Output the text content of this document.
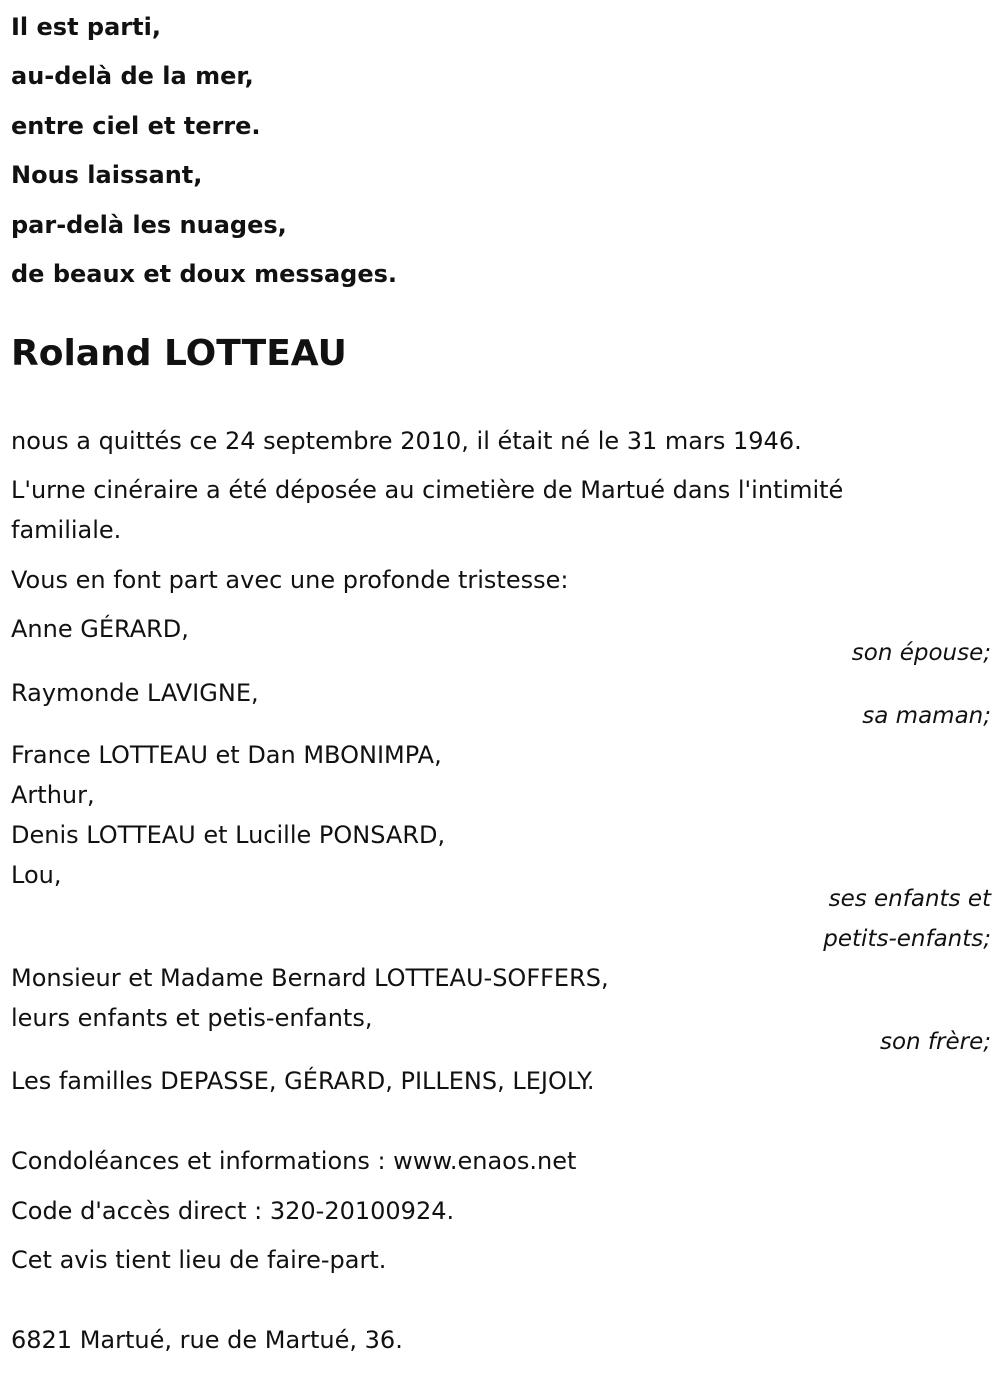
Il est parti,
au-delà de la mer,
entre ciel et terre.
Nous laissant,
par-delà les nuages,
de beaux et doux messages.
Roland LOTTEAU
nous a quittés ce 24 septembre 2010, il était né le 31 mars 1946.
L'urne cinéraire a été déposée au cimetière de Martué dans l'intimité
familiale.
Vous en font part avec une profonde tristesse:
Anne GÉRARD,
son épouse;
Raymonde LAVIGNE,
sa maman;
France LOTTEAU et Dan MBONIMPA,
Arthur,
Denis LOTTEAU et Lucille PONSARD,
Lou,
ses enfants et
petits-enfants;
Monsieur et Madame Bernard LOTTEAU-SOFFERS,
leurs enfants et petis-enfants,
son frère;
Les familles DEPASSE, GÉRARD, PILLENS, LEJOLY.
Condoléances et informations : www.enaos.net
Code d'accès direct : 320-20100924.
Cet avis tient lieu de faire-part.
6821 Martué, rue de Martué, 36.
